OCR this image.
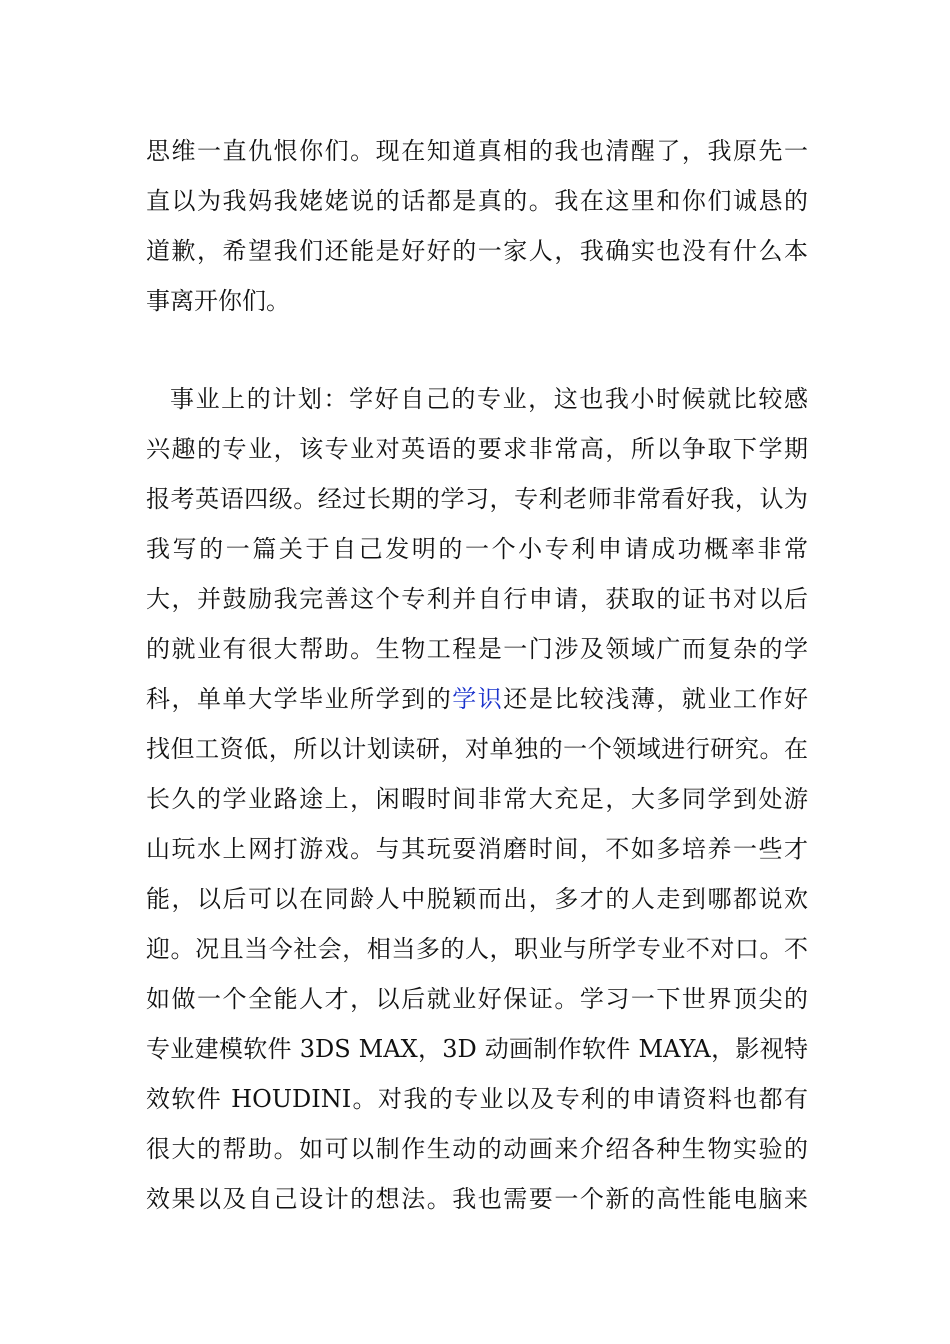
思维一直仇恨你们。现在知道真相的我也清醒了，我原先一
直以为我妈我姥姥说的话都是真的。我在这里和你们诚恳的
道歉，希望我们还能是好好的一家人，我确实也没有什么本
事离开你们。
事业上的计划：学好自己的专业，这也我小时候就比较感
兴趣的专业，该专业对英语的要求非常高，所以争取下学期
报考英语四级。经过长期的学习，专利老师非常看好我，认为
我写的一篇关于自己发明的一个小专利申请成功概率非常
大，并鼓励我完善这个专利并自行申请，获取的证书对以后
的就业有很大帮助。生物工程是一门涉及领域广而复杂的学
科，单单大学毕业所学到的学识还是比较浅薄，就业工作好
找但工资低，所以计划读研，对单独的一个领域进行研究。在
长久的学业路途上，闲暇时间非常大充足，大多同学到处游
山玩水上网打游戏。与其玩耍消磨时间，不如多培养一些才
能，以后可以在同龄人中脱颖而出，多才的人走到哪都说欢
迎。况且当今社会，相当多的人，职业与所学专业不对口。不
如做一个全能人才，以后就业好保证。学习一下世界顶尖的
专业建模软件 3DS MAX，3D 动画制作软件 MAYA，影视特
效软件 HOUDINI。对我的专业以及专利的申请资料也都有
很大的帮助。如可以制作生动的动画来介绍各种生物实验的
效果以及自己设计的想法。我也需要一个新的高性能电脑来
